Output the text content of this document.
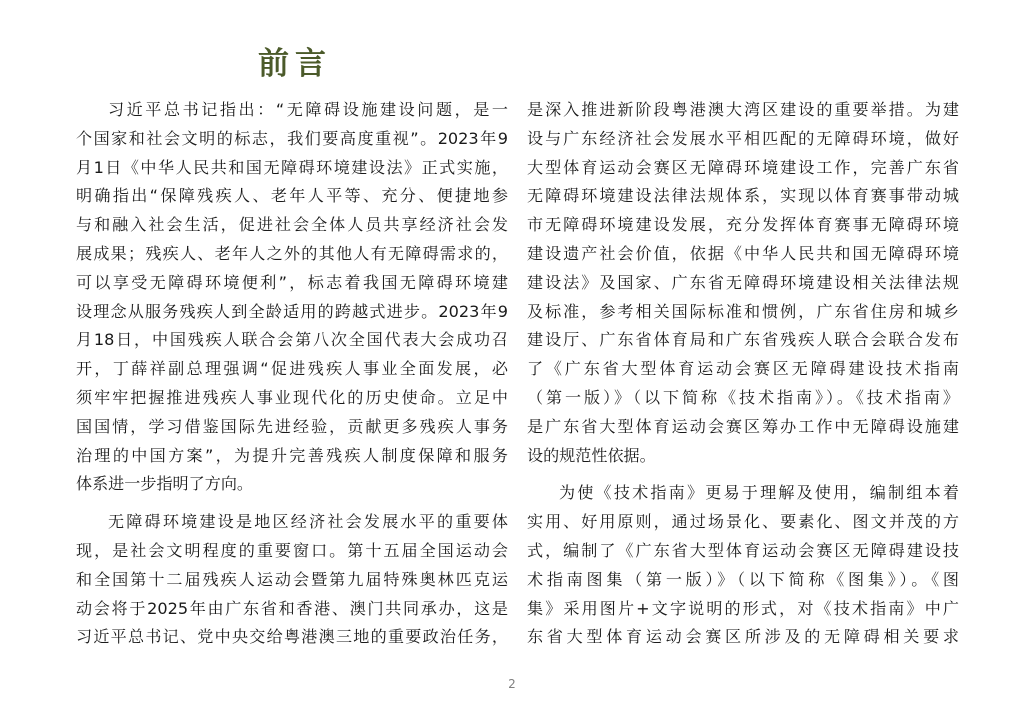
前言
习近平总书记指出：“无障碍设施建设问题，是一
个国家和社会文明的标志，我们要高度重视”。2023年9
月1日《中华人民共和国无障碍环境建设法》正式实施，
明确指出“保障残疾人、老年人平等、充分、便捷地参
与和融入社会生活，促进社会全体人员共享经济社会发
展成果；残疾人、老年人之外的其他人有无障碍需求的，
可以享受无障碍环境便利”，标志着我国无障碍环境建
设理念从服务残疾人到全龄适用的跨越式进步。2023年9
月18日，中国残疾人联合会第八次全国代表大会成功召
开，丁薛祥副总理强调“促进残疾人事业全面发展，必
须牢牢把握推进残疾人事业现代化的历史使命。立足中
国国情，学习借鉴国际先进经验，贡献更多残疾人事务
治理的中国方案”，为提升完善残疾人制度保障和服务
体系进一步指明了方向。
无障碍环境建设是地区经济社会发展水平的重要体
现，是社会文明程度的重要窗口。第十五届全国运动会
和全国第十二届残疾人运动会暨第九届特殊奥林匹克运
动会将于2025年由广东省和香港、澳门共同承办，这是
习近平总书记、党中央交给粤港澳三地的重要政治任务，
是深入推进新阶段粤港澳大湾区建设的重要举措。为建
设与广东经济社会发展水平相匹配的无障碍环境，做好
大型体育运动会赛区无障碍环境建设工作，完善广东省
无障碍环境建设法律法规体系，实现以体育赛事带动城
市无障碍环境建设发展，充分发挥体育赛事无障碍环境
建设遗产社会价值，依据《中华人民共和国无障碍环境
建设法》及国家、广东省无障碍环境建设相关法律法规
及标准，参考相关国际标准和惯例，广东省住房和城乡
建设厅、广东省体育局和广东省残疾人联合会联合发布
了《广东省大型体育运动会赛区无障碍建设技术指南
（第一版）》（以下简称《技术指南》）。《技术指南》
是广东省大型体育运动会赛区筹办工作中无障碍设施建
设的规范性依据。
为使《技术指南》更易于理解及使用，编制组本着
实用、好用原则，通过场景化、要素化、图文并茂的方
式，编制了《广东省大型体育运动会赛区无障碍建设技
术指南图集（第一版）》（以下简称《图集》）。《图
集》采用图片+文字说明的形式，对《技术指南》中广
东省大型体育运动会赛区所涉及的无障碍相关要求
2
